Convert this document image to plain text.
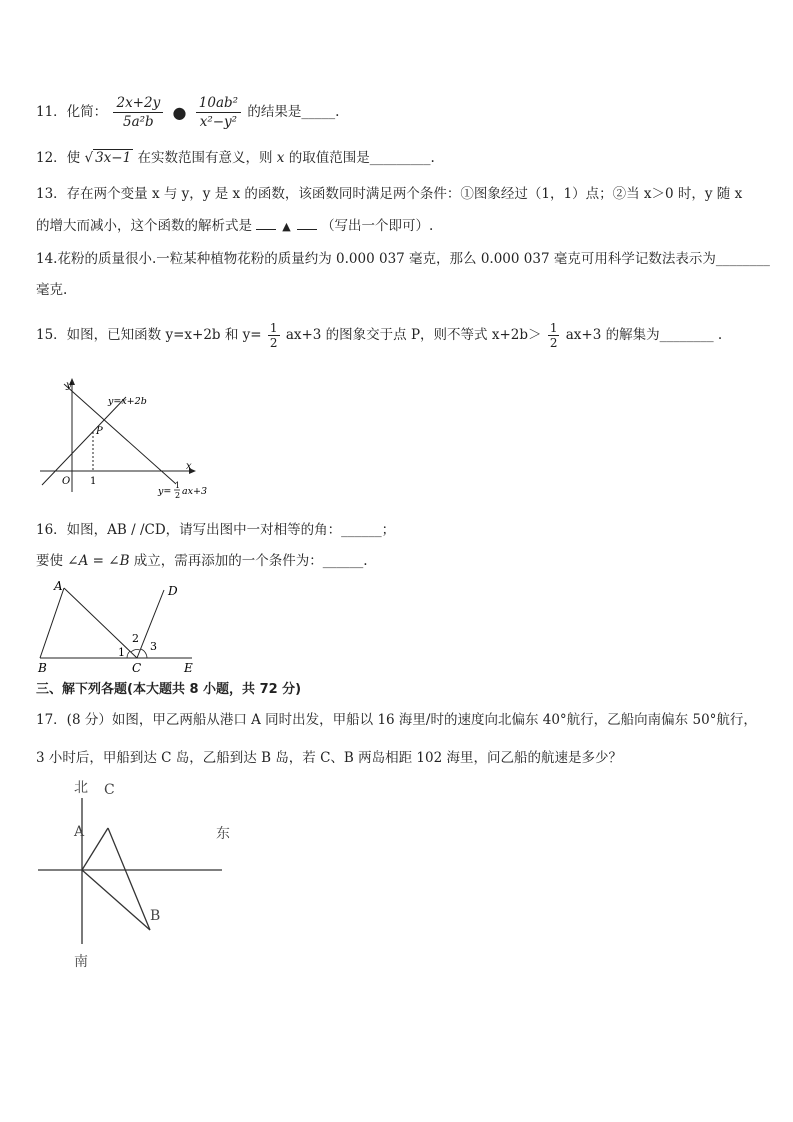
11．化简： $\frac{2x+2y}{\text{5a²b}}$ ● $\frac{\text{10ab²}}{\text{x²−y²}}$ 的结果是_____.
12．使 √ 3x−1 在实数范围有意义，则 x 的取值范围是_________.
13．存在两个变量 x 与 y，y 是 x 的函数，该函数同时满足两个条件：①图象经过（1，1）点；②当 x＞0 时，y 随 x
的增大而减小，这个函数的解析式是	▲ （写出一个即可）.
14.花粉的质量很小.一粒某种植物花粉的质量约为 0.000 037 毫克，那么 0.000 037 毫克可用科学记数法表示为________
毫克.
15．如图，已知函数 y=x+2b 和 $y= \frac{1}{2} ax+3$ 的图象交于点 P，则不等式 $x+2b> \frac{1}{2} ax+3$ 的解集为________ .
y
x
O 1
P
y=x+2b
y=
1
2 ax+3
16．如图，AB / /CD，请写出图中一对相等的角：______；
要使 ∠A = ∠B 成立，需再添加的一个条件为：______.
A
B	C
D
E
1
2
3
三、解下列各题(本大题共 8 小题，共 72 分)
17．(8 分）如图，甲乙两船从港口 A 同时出发，甲船以 16 海里/时的速度向北偏东 40°航行，乙船向南偏东 50°航行，
3 小时后，甲船到达 C 岛，乙船到达 B 岛，若 C、B 两岛相距 102 海里，问乙船的航速是多少？
北 C
A	东
B
南
